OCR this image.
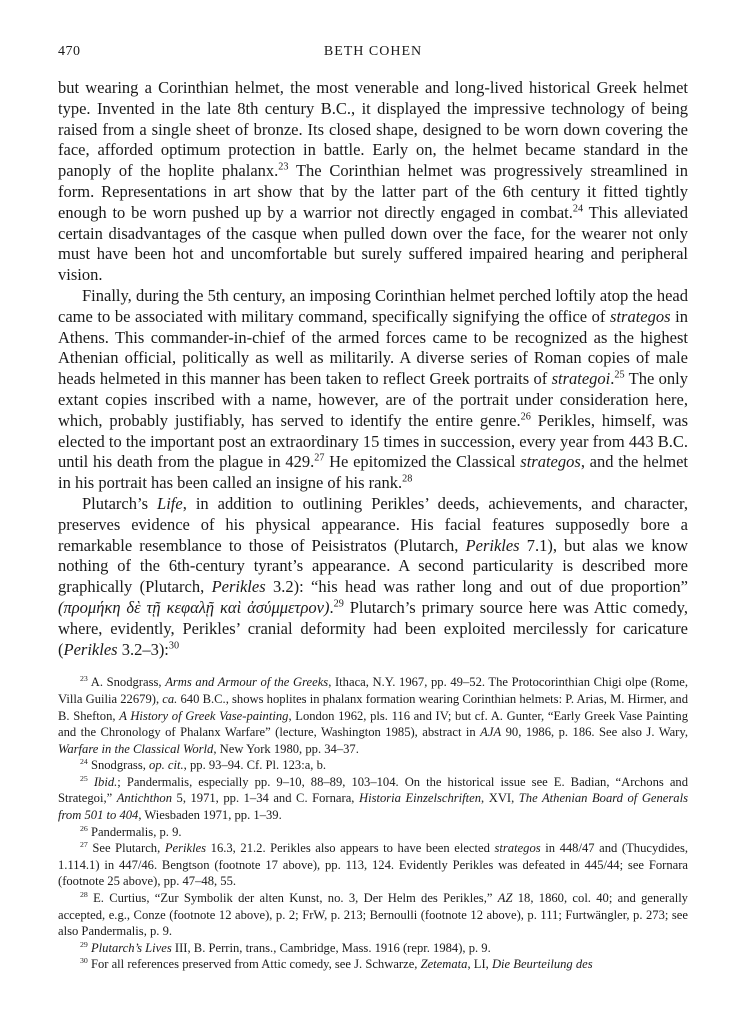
470	BETH COHEN

but wearing a Corinthian helmet, the most venerable and long-lived historical Greek helmet type. Invented in the late 8th century B.C., it displayed the impressive technology of being raised from a single sheet of bronze. Its closed shape, designed to be worn down covering the face, afforded optimum protection in battle. Early on, the helmet became standard in the panoply of the hoplite phalanx.$^{23}$ The Corinthian helmet was progressively streamlined in form. Representations in art show that by the latter part of the 6th century it fitted tightly enough to be worn pushed up by a warrior not directly engaged in combat.$^{24}$ This alleviated certain disadvantages of the casque when pulled down over the face, for the wearer not only must have been hot and uncomfortable but surely suffered impaired hearing and peripheral vision.

Finally, during the 5th century, an imposing Corinthian helmet perched loftily atop the head came to be associated with military command, specifically signifying the office of strategos in Athens. This commander-in-chief of the armed forces came to be recognized as the highest Athenian official, politically as well as militarily. A diverse series of Roman copies of male heads helmeted in this manner has been taken to reflect Greek portraits of strategoi.$^{25}$ The only extant copies inscribed with a name, however, are of the portrait under consideration here, which, probably justifiably, has served to identify the entire genre.$^{26}$ Perikles, himself, was elected to the important post an extraordinary 15 times in succession, every year from 443 B.C. until his death from the plague in 429.27 He epitomized the Classical strategos, and the helmet in his portrait has been called an insigne of his rank.$^{28}$

Plutarch’s Life, in addition to outlining Perikles’ deeds, achievements, and character, preserves evidence of his physical appearance. His facial features supposedly bore a remarkable resemblance to those of Peisistratos (Plutarch, Perikles 7.1), but alas we know nothing of the 6th-century tyrant’s appearance. A second particularity is described more graphically (Plutarch, Perikles 3.2): “his head was rather long and out of due proportion” (προμήκη δὲ τῇ κεφαλῇ καὶ ἀσύμμετρον).$^{29}$ Plutarch’s primary source here was Attic comedy, where, evidently, Perikles’ cranial deformity had been exploited mercilessly for caricature (Perikles 3.2–3):$^{30}$

$^{23}$ A. Snodgrass, Arms and Armour of the Greeks, Ithaca, N.Y. 1967, pp. 49–52. The Protocorinthian Chigi olpe (Rome, Villa Guilia 22679), ca. 640 B.C., shows hoplites in phalanx formation wearing Corinthian helmets: P. Arias, M. Hirmer, and B. Shefton, A History of Greek Vase-painting, London 1962, pls. 116 and IV; but cf. A. Gunter, “Early Greek Vase Painting and the Chronology of Phalanx Warfare” (lecture, Washington 1985), abstract in AJA 90, 1986, p. 186. See also J. Wary, Warfare in the Classical World, New York 1980, pp. 34–37.

$^{24}$ Snodgrass, op. cit., pp. 93–94. Cf. Pl. 123:a, b.

$^{25}$ Ibid.; Pandermalis, especially pp. 9–10, 88–89, 103–104. On the historical issue see E. Badian, “Archons and Strategoi,” Antichthon 5, 1971, pp. 1–34 and C. Fornara, Historia Einzelschriften, XVI, The Athenian Board of Generals from 501 to 404, Wiesbaden 1971, pp. 1–39.

$^{26}$ Pandermalis, p. 9.

$^{27}$ See Plutarch, Perikles 16.3, 21.2. Perikles also appears to have been elected strategos in 448/47 and (Thucydides, 1.114.1) in 447/46. Bengtson (footnote 17 above), pp. 113, 124. Evidently Perikles was defeated in 445/44; see Fornara (footnote 25 above), pp. 47–48, 55.

$^{28}$ E. Curtius, “Zur Symbolik der alten Kunst, no. 3, Der Helm des Perikles,” AZ 18, 1860, col. 40; and generally accepted, e.g., Conze (footnote 12 above), p. 2; FrW, p. 213; Bernoulli (footnote 12 above), p. 111; Furtwängler, p. 273; see also Pandermalis, p. 9.

$^{29}$ Plutarch’s Lives III, B. Perrin, trans., Cambridge, Mass. 1916 (repr. 1984), p. 9.

$^{30}$ For all references preserved from Attic comedy, see J. Schwarze, Zetemata, LI, Die Beurteilung des
